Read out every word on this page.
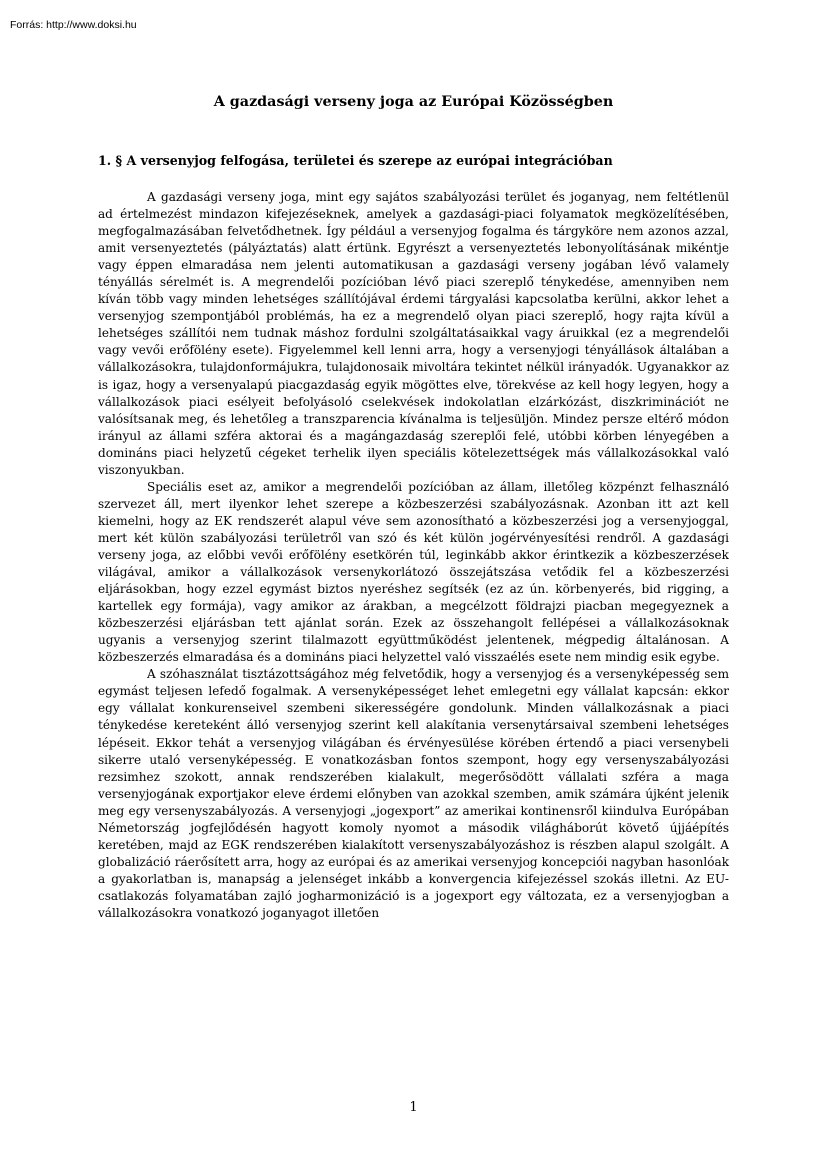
Forrás: http://www.doksi.hu
A gazdasági verseny joga az Európai Közösségben
1. § A versenyjog felfogása, területei és szerepe az európai integrációban

A gazdasági verseny joga, mint egy sajátos szabályozási terület és joganyag, nem feltétlenül ad értelmezést mindazon kifejezéseknek, amelyek a gazdasági-piaci folyamatok megközelítésében, megfogalmazásában felvetődhetnek. Így például a versenyjog fogalma és tárgyköre nem azonos azzal, amit versenyeztetés (pályáztatás) alatt értünk. Egyrészt a versenyeztetés lebonyolításának mikéntje vagy éppen elmaradása nem jelenti automatikusan a gazdasági verseny jogában lévő valamely tényállás sérelmét is. A megrendelői pozícióban lévő piaci szereplő ténykedése, amennyiben nem kíván több vagy minden lehetséges szállítójával érdemi tárgyalási kapcsolatba kerülni, akkor lehet a versenyjog szempontjából problémás, ha ez a megrendelő olyan piaci szereplő, hogy rajta kívül a lehetséges szállítói nem tudnak máshoz fordulni szolgáltatásaikkal vagy áruikkal (ez a megrendelői vagy vevői erőfölény esete). Figyelemmel kell lenni arra, hogy a versenyjogi tényállások általában a vállalkozásokra, tulajdonformájukra, tulajdonosaik mivoltára tekintet nélkül irányadók. Ugyanakkor az is igaz, hogy a versenyalapú piacgazdaság egyik mögöttes elve, törekvése az kell hogy legyen, hogy a vállalkozások piaci esélyeit befolyásoló cselekvések indokolatlan elzárkózást, diszkriminációt ne valósítsanak meg, és lehetőleg a transzparencia kívánalma is teljesüljön. Mindez persze eltérő módon irányul az állami szféra aktorai és a magángazdaság szereplői felé, utóbbi körben lényegében a domináns piaci helyzetű cégeket terhelik ilyen speciális kötelezettségek más vállalkozásokkal való viszonyukban.

Speciális eset az, amikor a megrendelői pozícióban az állam, illetőleg közpénzt felhasználó szervezet áll, mert ilyenkor lehet szerepe a közbeszerzési szabályozásnak. Azonban itt azt kell kiemelni, hogy az EK rendszerét alapul véve sem azonosítható a közbeszerzési jog a versenyjoggal, mert két külön szabályozási területről van szó és két külön jogérvényesítési rendről. A gazdasági verseny joga, az előbbi vevői erőfölény esetkörén túl, leginkább akkor érintkezik a közbeszerzések világával, amikor a vállalkozások versenykorlátozó összejátszása vetődik fel a közbeszerzési eljárásokban, hogy ezzel egymást biztos nyeréshez segítsék (ez az ún. körbenyerés, bid rigging, a kartellek egy formája), vagy amikor az árakban, a megcélzott földrajzi piacban megegyeznek a közbeszerzési eljárásban tett ajánlat során. Ezek az összehangolt fellépései a vállalkozásoknak ugyanis a versenyjog szerint tilalmazott együttműködést jelentenek, mégpedig általánosan. A közbeszerzés elmaradása és a domináns piaci helyzettel való visszaélés esete nem mindig esik egybe.

A szóhasználat tisztázottságához még felvetődik, hogy a versenyjog és a versenyképesség sem egymást teljesen lefedő fogalmak. A versenyképességet lehet emlegetni egy vállalat kapcsán: ekkor egy vállalat konkurenseivel szembeni sikerességére gondolunk. Minden vállalkozásnak a piaci ténykedése kereteként álló versenyjog szerint kell alakítania versenytársaival szembeni lehetséges lépéseit. Ekkor tehát a versenyjog világában és érvényesülése körében értendő a piaci versenybeli sikerre utaló versenyképesség. E vonatkozásban fontos szempont, hogy egy versenyszabályozási rezsimhez szokott, annak rendszerében kialakult, megerősödött vállalati szféra a maga versenyjogának exportjakor eleve érdemi előnyben van azokkal szemben, amik számára újként jelenik meg egy versenyszabályozás. A versenyjogi „jogexport” az amerikai kontinensről kiindulva Európában Németország jogfejlődésén hagyott komoly nyomot a második világháborút követő újjáépítés keretében, majd az EGK rendszerében kialakított versenyszabályozáshoz is részben alapul szolgált. A globalizáció ráerősített arra, hogy az európai és az amerikai versenyjog koncepciói nagyban hasonlóak a gyakorlatban is, manapság a jelenséget inkább a konvergencia kifejezéssel szokás illetni. Az EU-csatlakozás folyamatában zajló jogharmonizáció is a jogexport egy változata, ez a versenyjogban a vállalkozásokra vonatkozó joganyagot illetően

1
